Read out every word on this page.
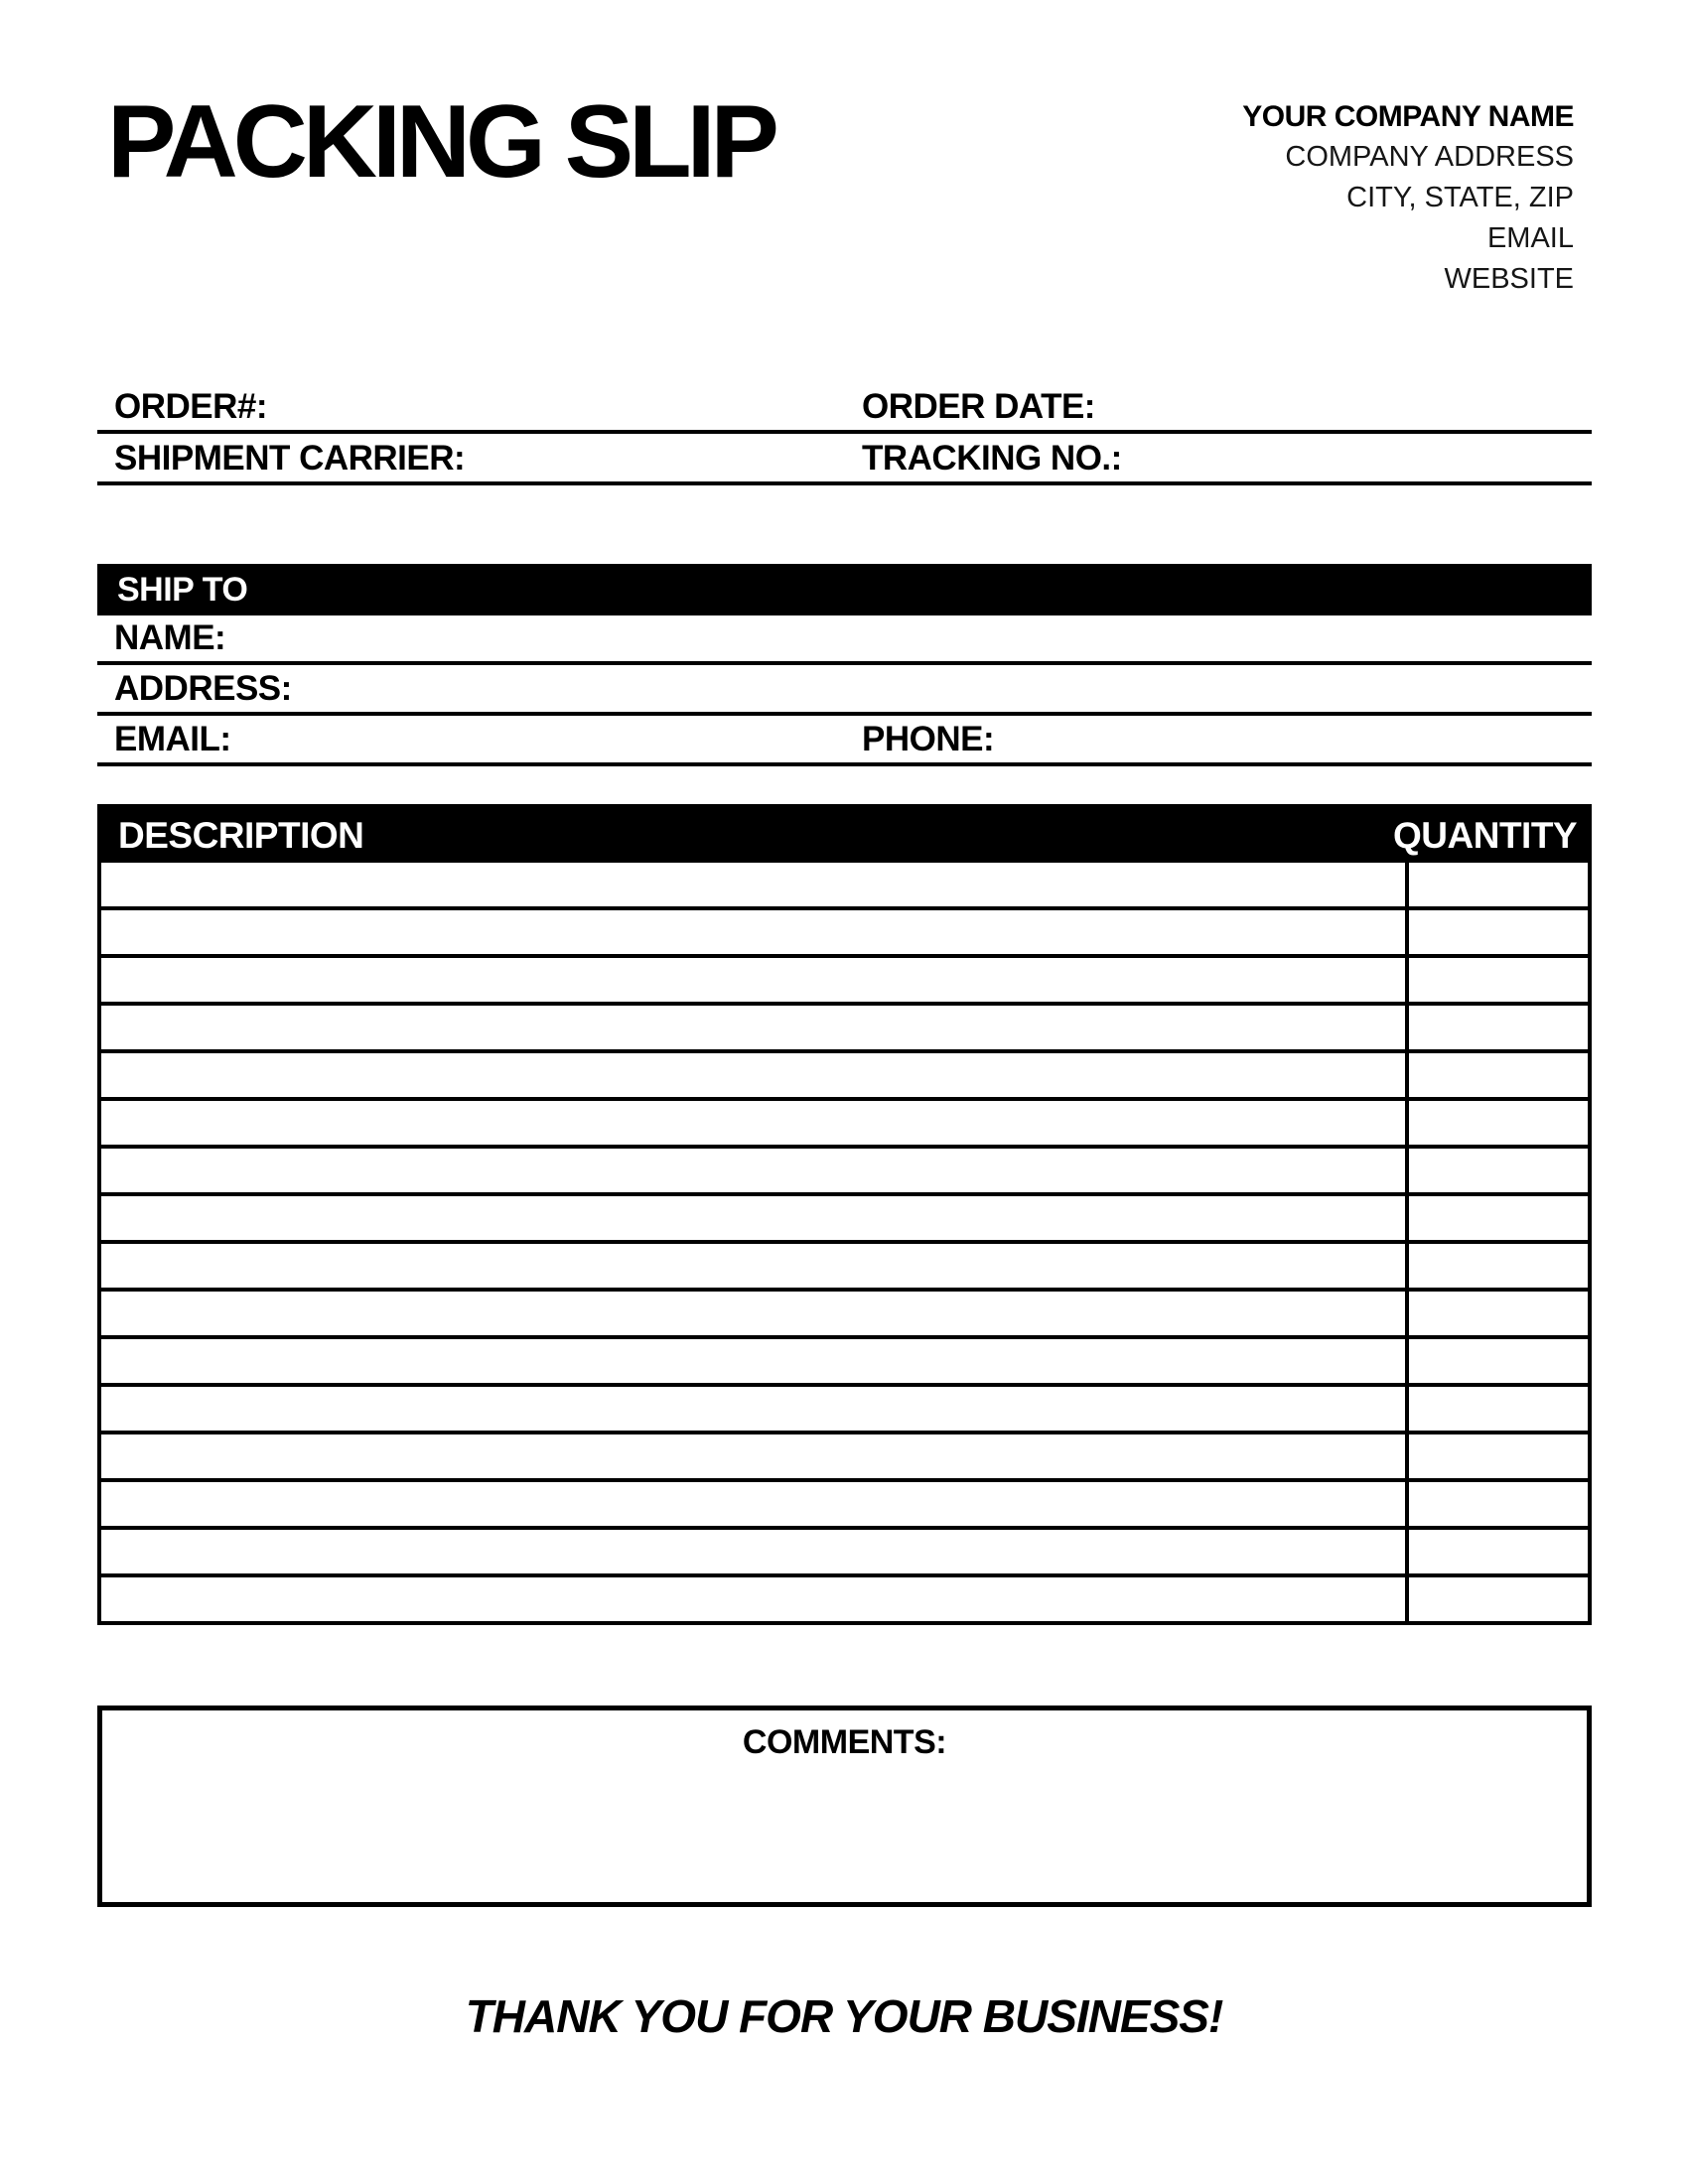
PACKING SLIP	YOUR COMPANY NAME
COMPANY ADDRESS
CITY, STATE, ZIP
EMAIL
WEBSITE
ORDER#:	ORDER DATE:
SHIPMENT CARRIER:	TRACKING NO.:
SHIP TO
NAME:
ADDRESS:
EMAIL:	PHONE:
DESCRIPTION	QUANTITY
COMMENTS:
THANK YOU FOR YOUR BUSINESS!
